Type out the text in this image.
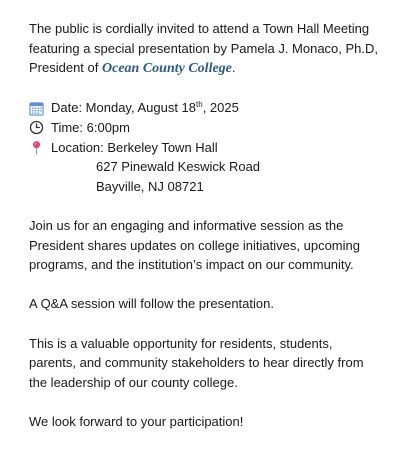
The public is cordially invited to attend a Town Hall Meeting

featuring a special presentation by Pamela J. Monaco, Ph.D,

President of Ocean County College.

Date: Monday, August 18th, 2025
Time: 6:00pm
Location: Berkeley Town Hall

627 Pinewald Keswick Road

Bayville, NJ 08721

Join us for an engaging and informative session as the

President shares updates on college initiatives, upcoming

programs, and the institution’s impact on our community.

A Q&A session will follow the presentation.

This is a valuable opportunity for residents, students,

parents, and community stakeholders to hear directly from

the leadership of our county college.

We look forward to your participation!
